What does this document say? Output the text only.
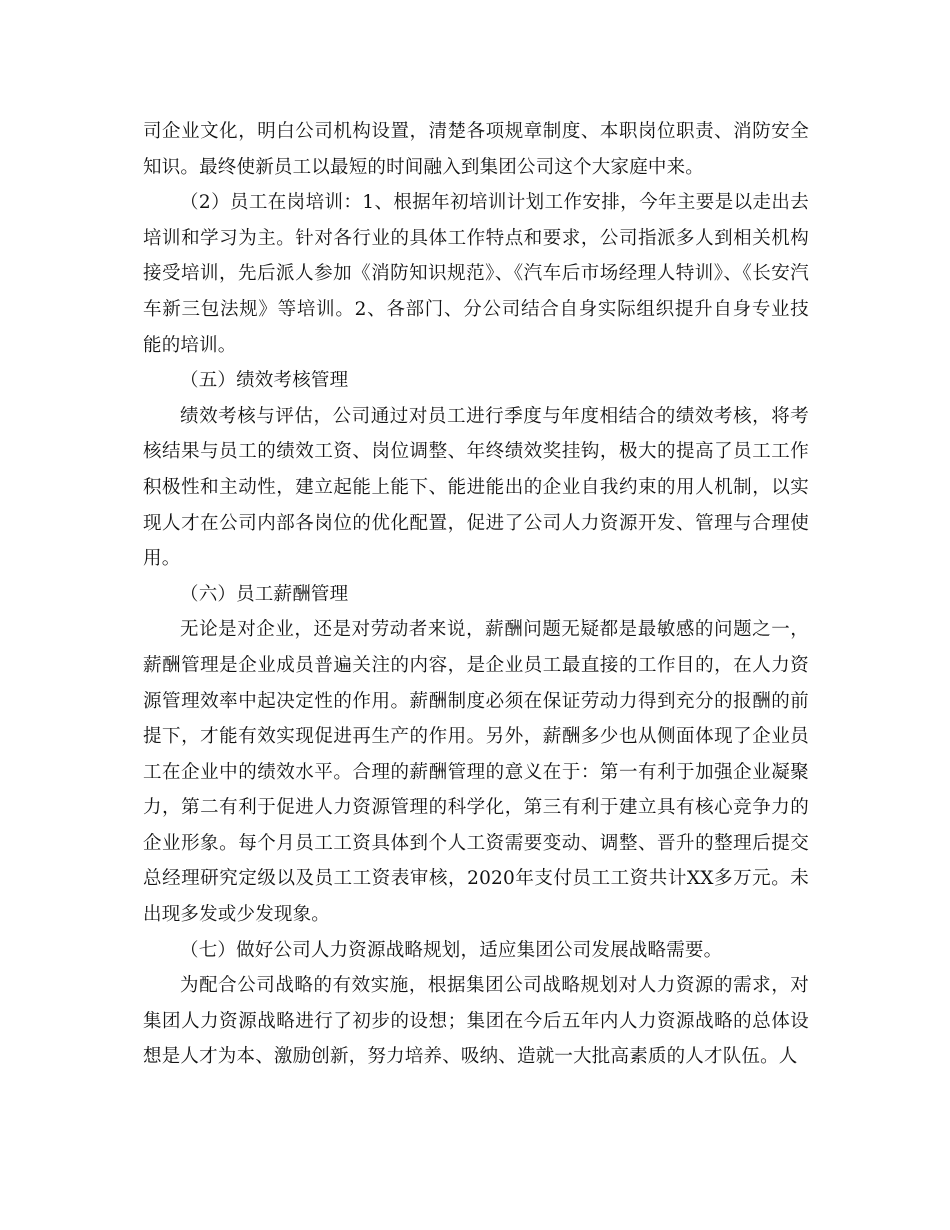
司企业文化，明白公司机构设置，清楚各项规章制度、本职岗位职责、消防安全知识。最终使新员工以最短的时间融入到集团公司这个大家庭中来。

（2）员工在岗培训：1、根据年初培训计划工作安排，今年主要是以走出去培训和学习为主。针对各行业的具体工作特点和要求，公司指派多人到相关机构接受培训，先后派人参加《消防知识规范》、《汽车后市场经理人特训》、《长安汽车新三包法规》等培训。2、各部门、分公司结合自身实际组织提升自身专业技能的培训。

（五）绩效考核管理

绩效考核与评估，公司通过对员工进行季度与年度相结合的绩效考核，将考核结果与员工的绩效工资、岗位调整、年终绩效奖挂钩，极大的提高了员工工作积极性和主动性，建立起能上能下、能进能出的企业自我约束的用人机制，以实现人才在公司内部各岗位的优化配置，促进了公司人力资源开发、管理与合理使用。

（六）员工薪酬管理

无论是对企业，还是对劳动者来说，薪酬问题无疑都是最敏感的问题之一，薪酬管理是企业成员普遍关注的内容，是企业员工最直接的工作目的，在人力资源管理效率中起决定性的作用。薪酬制度必须在保证劳动力得到充分的报酬的前提下，才能有效实现促进再生产的作用。另外，薪酬多少也从侧面体现了企业员工在企业中的绩效水平。合理的薪酬管理的意义在于：第一有利于加强企业凝聚力，第二有利于促进人力资源管理的科学化，第三有利于建立具有核心竞争力的企业形象。每个月员工工资具体到个人工资需要变动、调整、晋升的整理后提交总经理研究定级以及员工工资表审核，2020年支付员工工资共计XX多万元。未出现多发或少发现象。

（七）做好公司人力资源战略规划，适应集团公司发展战略需要。

为配合公司战略的有效实施，根据集团公司战略规划对人力资源的需求，对集团人力资源战略进行了初步的设想；集团在今后五年内人力资源战略的总体设想是人才为本、激励创新，努力培养、吸纳、造就一大批高素质的人才队伍。人
